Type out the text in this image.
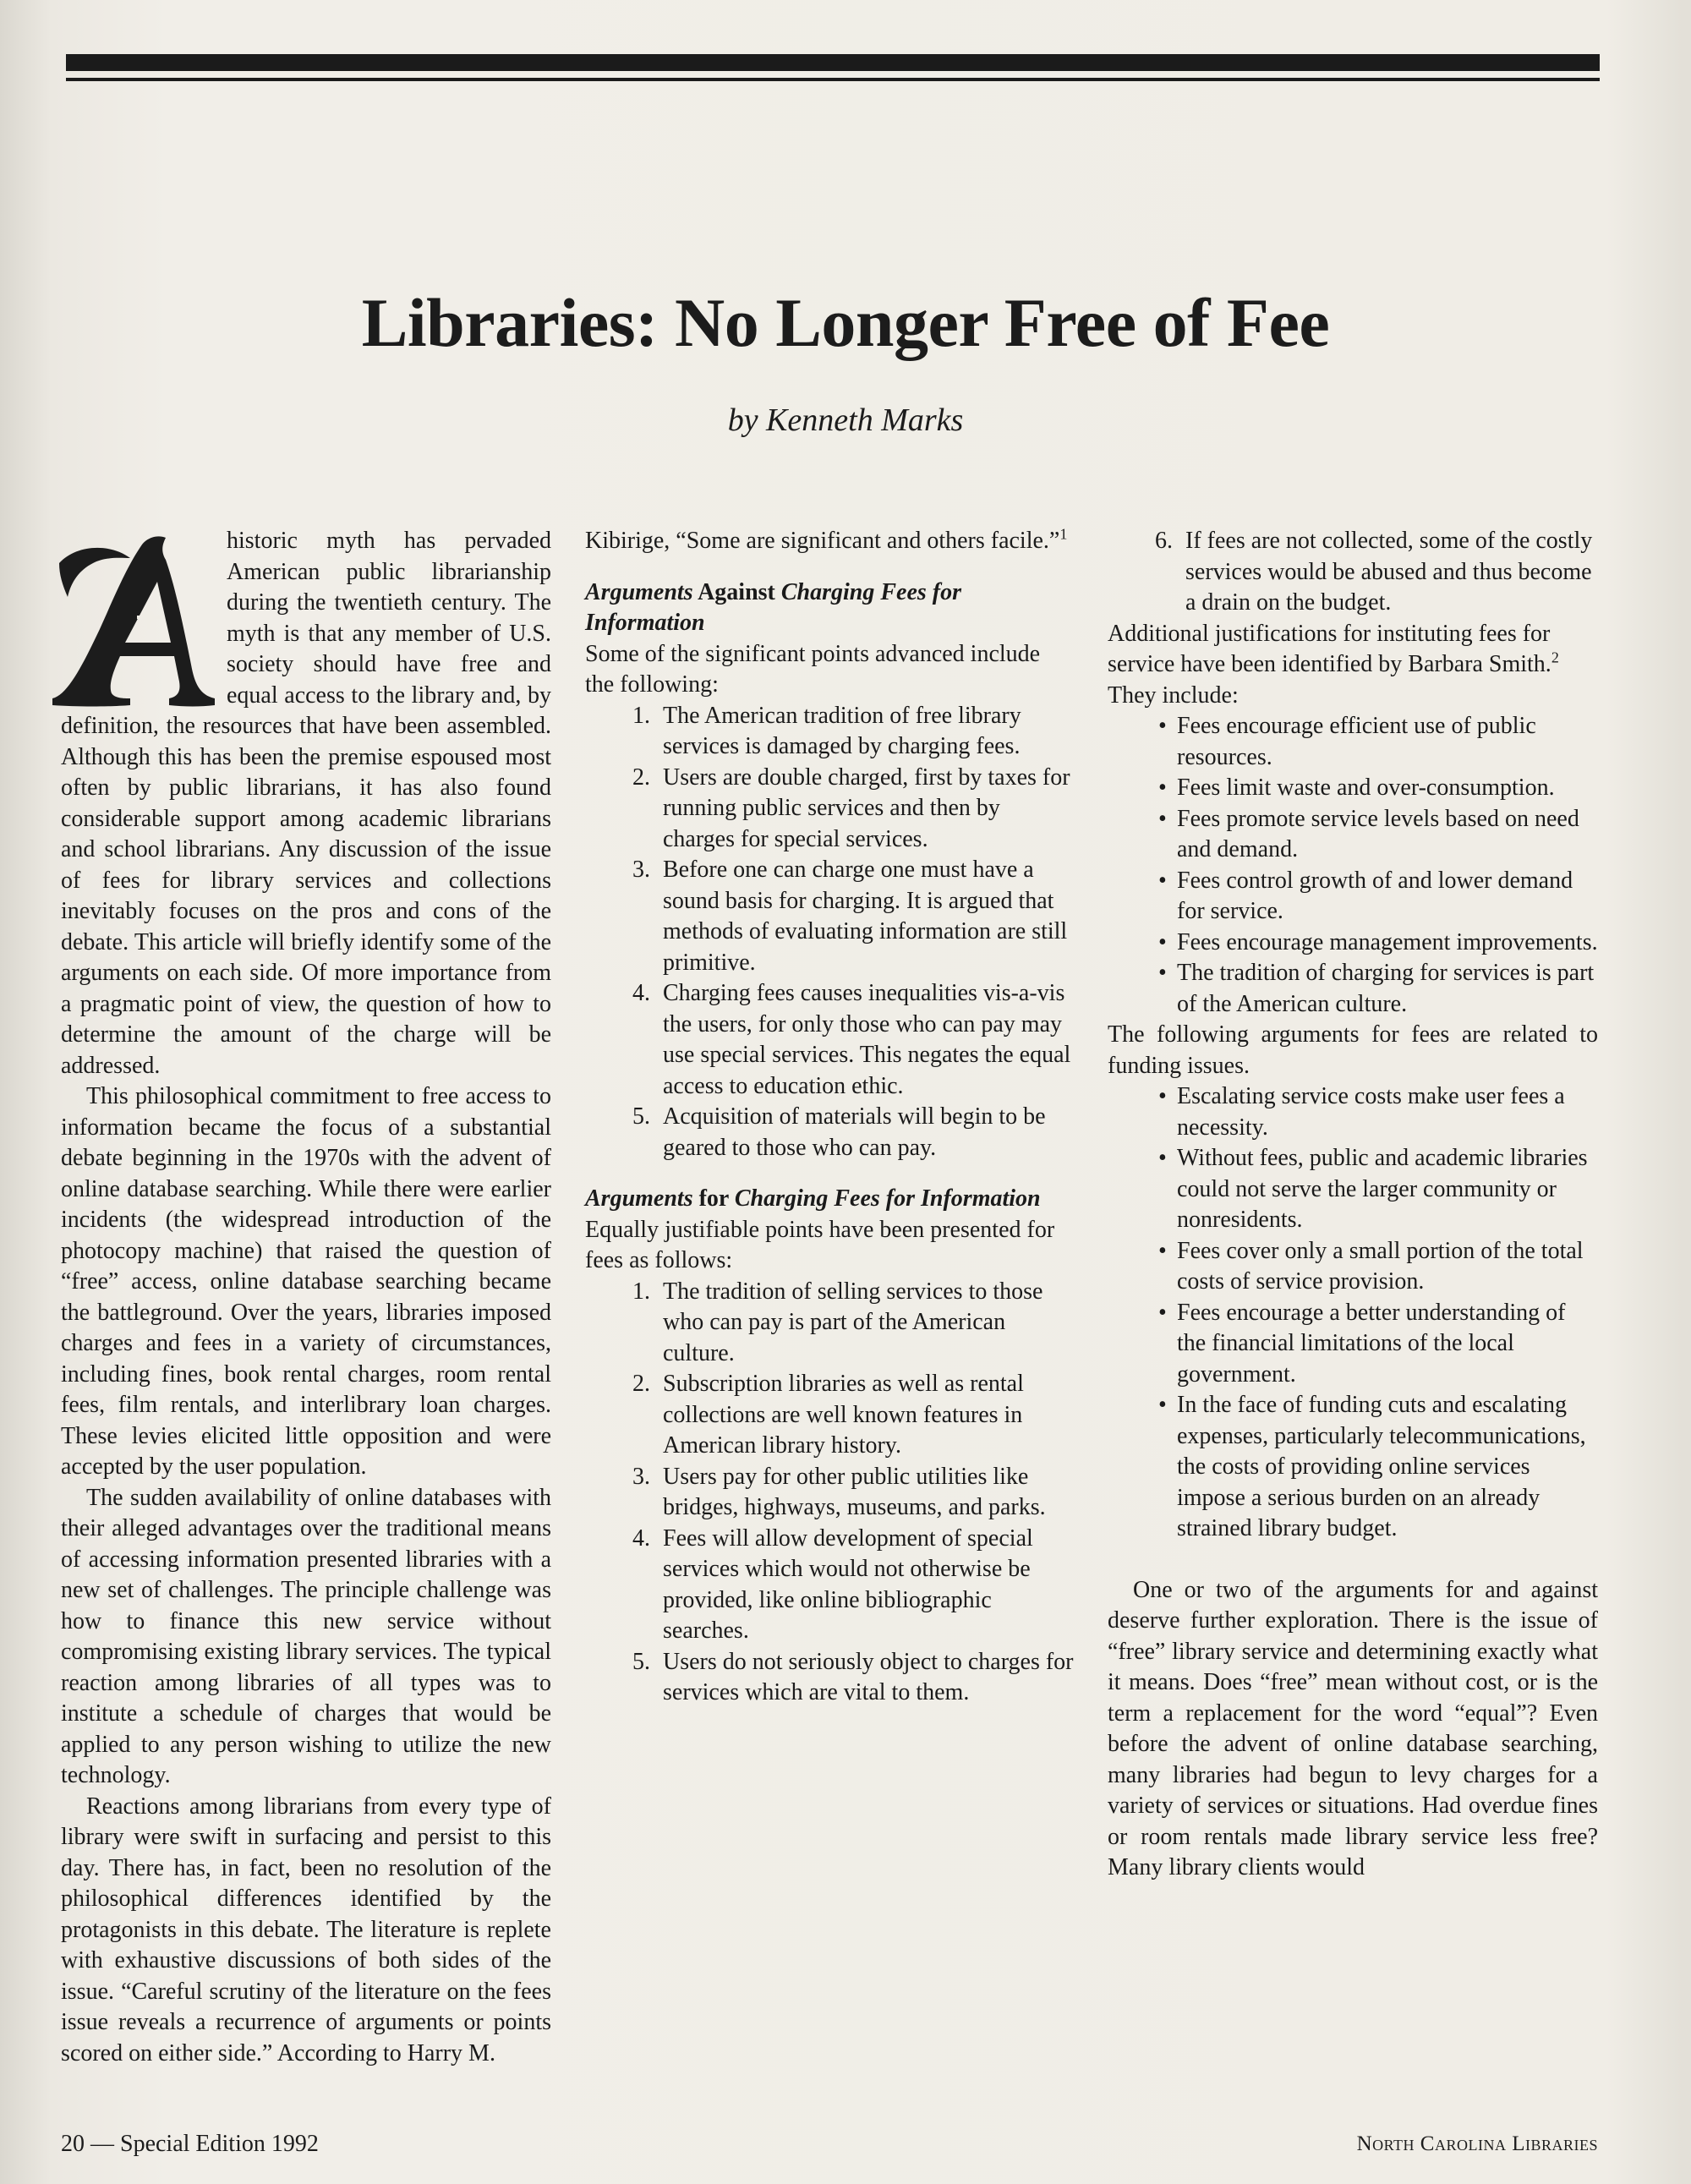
Libraries: No Longer Free of Fee
by Kenneth Marks

historic myth has pervaded American public librarianship during the twentieth century. The myth is that any member of U.S. society should have free and equal access to the library and, by definition, the resources that have been assembled. Although this has been the premise espoused most often by public librarians, it has also found considerable support among academic librarians and school librarians. Any discussion of the issue of fees for library services and collections inevitably focuses on the pros and cons of the debate. This article will briefly identify some of the arguments on each side. Of more importance from a pragmatic point of view, the question of how to determine the amount of the charge will be addressed.

This philosophical commitment to free access to information became the focus of a substantial debate beginning in the 1970s with the advent of online database searching. While there were earlier incidents (the widespread introduction of the photocopy machine) that raised the question of “free” access, online database searching became the battleground. Over the years, libraries imposed charges and fees in a variety of circumstances, including fines, book rental charges, room rental fees, film rentals, and interlibrary loan charges. These levies elicited little opposition and were accepted by the user population.

The sudden availability of online databases with their alleged advantages over the traditional means of accessing information presented libraries with a new set of challenges. The principle challenge was how to finance this new service without compromising existing library services. The typical reaction among libraries of all types was to institute a schedule of charges that would be applied to any person wishing to utilize the new technology.

Reactions among librarians from every type of library were swift in surfacing and persist to this day. There has, in fact, been no resolution of the philosophical differences identified by the protagonists in this debate. The literature is replete with exhaustive discussions of both sides of the issue. “Careful scrutiny of the literature on the fees issue reveals a recurrence of arguments or points scored on either side.” According to Harry M.

Kibirige, “Some are significant and others facile.”$^1$

Arguments Against Charging Fees for Information

Some of the significant points advanced include the following:

1. The American tradition of free library services is damaged by charging fees.
2. Users are double charged, first by taxes for running public services and then by charges for special services.
3. Before one can charge one must have a sound basis for charging. It is argued that methods of evaluating information are still primitive.
4. Charging fees causes inequalities vis-a-vis the users, for only those who can pay may use special services. This negates the equal access to education ethic.
5. Acquisition of materials will begin to be geared to those who can pay.

Arguments for Charging Fees for Information

Equally justifiable points have been presented for fees as follows:

1. The tradition of selling services to those who can pay is part of the American culture.
2. Subscription libraries as well as rental collections are well known features in American library history.
3. Users pay for other public utilities like bridges, highways, museums, and parks.
4. Fees will allow development of special services which would not otherwise be provided, like online bibliographic searches.
5. Users do not seriously object to charges for services which are vital to them.
6. If fees are not collected, some of the costly services would be abused and thus become a drain on the budget.

Additional justifications for instituting fees for service have been identified by Barbara Smith.$^2$ They include:

• Fees encourage efficient use of public resources.
• Fees limit waste and over-consumption.
• Fees promote service levels based on need and demand.
• Fees control growth of and lower demand for service.
• Fees encourage management improvements.
• The tradition of charging for services is part of the American culture.

The following arguments for fees are related to funding issues.

• Escalating service costs make user fees a necessity.
• Without fees, public and academic libraries could not serve the larger community or nonresidents.
• Fees cover only a small portion of the total costs of service provision.
• Fees encourage a better understanding of the financial limitations of the local government.
• In the face of funding cuts and escalating expenses, particularly telecommunications, the costs of providing online services impose a serious burden on an already strained library budget.

One or two of the arguments for and against deserve further exploration. There is the issue of “free” library service and determining exactly what it means. Does “free” mean without cost, or is the term a replacement for the word “equal”? Even before the advent of online database searching, many libraries had begun to levy charges for a variety of services or situations. Had overdue fines or room rentals made library service less free? Many library clients would

20 — Special Edition 1992	North Carolina Libraries
